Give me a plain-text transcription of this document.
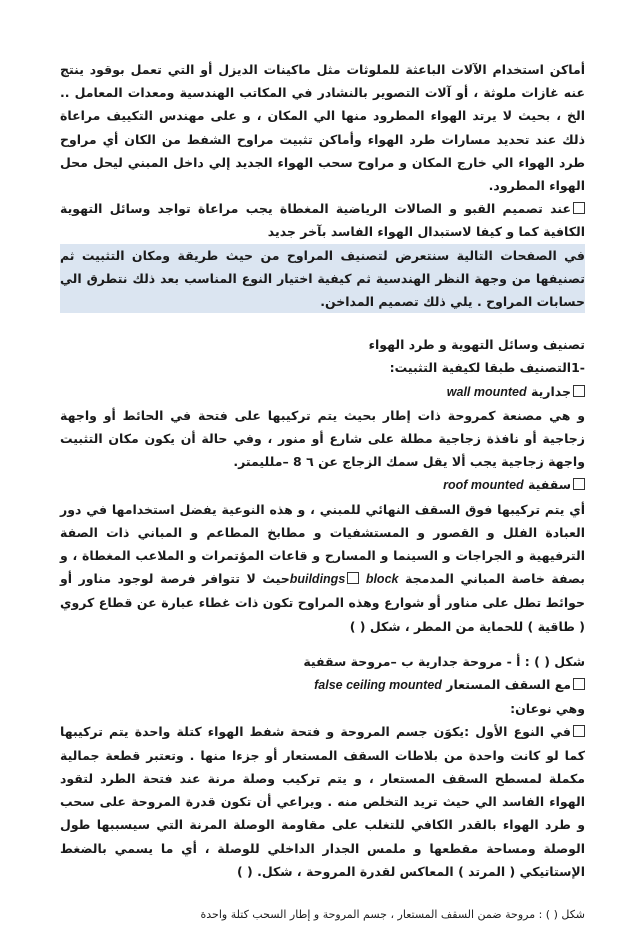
أماكن استخدام الآلات الباعثة للملوثات مثل ماكينات الديزل أو التي تعمل بوقود ينتج عنه غازات ملوثة ، أو آلات التصوير بالنشادر في المكاتب الهندسية ومعدات المعامل .. الخ ، بحيث لا يرتد الهواء المطرود منها الي المكان ، و على مهندس التكييف مراعاة ذلك عند تحديد مسارات طرد الهواء وأماكن تثبيت مراوح الشفط من الكان أي مراوح طرد الهواء الي خارج المكان و مراوح سحب الهواء الجديد إلي داخل المبني ليحل محل الهواء المطرود.

عند تصميم القبو و الصالات الرياضية المغطاة يجب مراعاة تواجد وسائل التهوية الكافية كما و كيفا لاستبدال الهواء الفاسد بآخر جديد

في الصفحات التالية سنتعرض لتصنيف المراوح من حيث طريقة ومكان التثبيت ثم تصنيفها من وجهة النظر الهندسية ثم كيفية اختيار النوع المناسب بعد ذلك نتطرق الي حسابات المراوح . يلي ذلك تصميم المداخن.

تصنيف وسائل التهوية و طرد الهواء

-1التصنيف طبقا لكيفية التثبيت:

جدارية wall mounted

و هي مصنعة كمروحة ذات إطار بحيث يتم تركيبها على فتحة في الحائط أو واجهة زجاجية أو نافذة زجاجية مطلة على شارع أو منور ، وفي حالة أن يكون مكان التثبيت واجهة زجاجية يجب ألا يقل سمك الزجاج عن ٦ 8 –ملليمتر.

سقفية roof mounted

أي يتم تركيبها فوق السقف النهائي للمبني ، و هذه النوعية يفضل استخدامها في دور العبادة الفلل و القصور و المستشفيات و مطابخ المطاعم و المباني ذات الصفة الترفيهية و الجراجات و السينما و المسارح و قاعات المؤتمرات و الملاعب المغطاة ، و بصفة خاصة المباني المدمجة block buildingsحيث لا تتوافر فرصة لوجود مناور أو حوائط تطل على مناور أو شوارع وهذه المراوح تكون ذات غطاء عبارة عن قطاع كروي ( طاقية ) للحماية من المطر ، شكل ( )

شكل ( ) : أ - مروحة جدارية ب –مروحة سقفية

مع السقف المستعار false ceiling mounted

وهي نوعان:

في النوع الأول :يكوَن جسم المروحة و فتحة شفط الهواء كتلة واحدة يتم تركيبها كما لو كانت واحدة من بلاطات السقف المستعار أو جزءا منها . وتعتبر قطعة جمالية مكملة لمسطح السقف المستعار ، و يتم تركيب وصلة مرنة عند فتحة الطرد لتقود الهواء الفاسد الي حيث تريد التخلص منه . ويراعي أن تكون قدرة المروحة على سحب و طرد الهواء بالقدر الكافي للتغلب على مقاومة الوصلة المرنة التي سيسببها طول الوصلة ومساحة مقطعها و ملمس الجدار الداخلي للوصلة ، أي ما يسمي بالضغط الإستاتيكي ( المرتد ) المعاكس لقدرة المروحة ، شكل. ( )

شكل ( ) : مروحة ضمن السقف المستعار ، جسم المروحة و إطار السحب كتلة واحدة
